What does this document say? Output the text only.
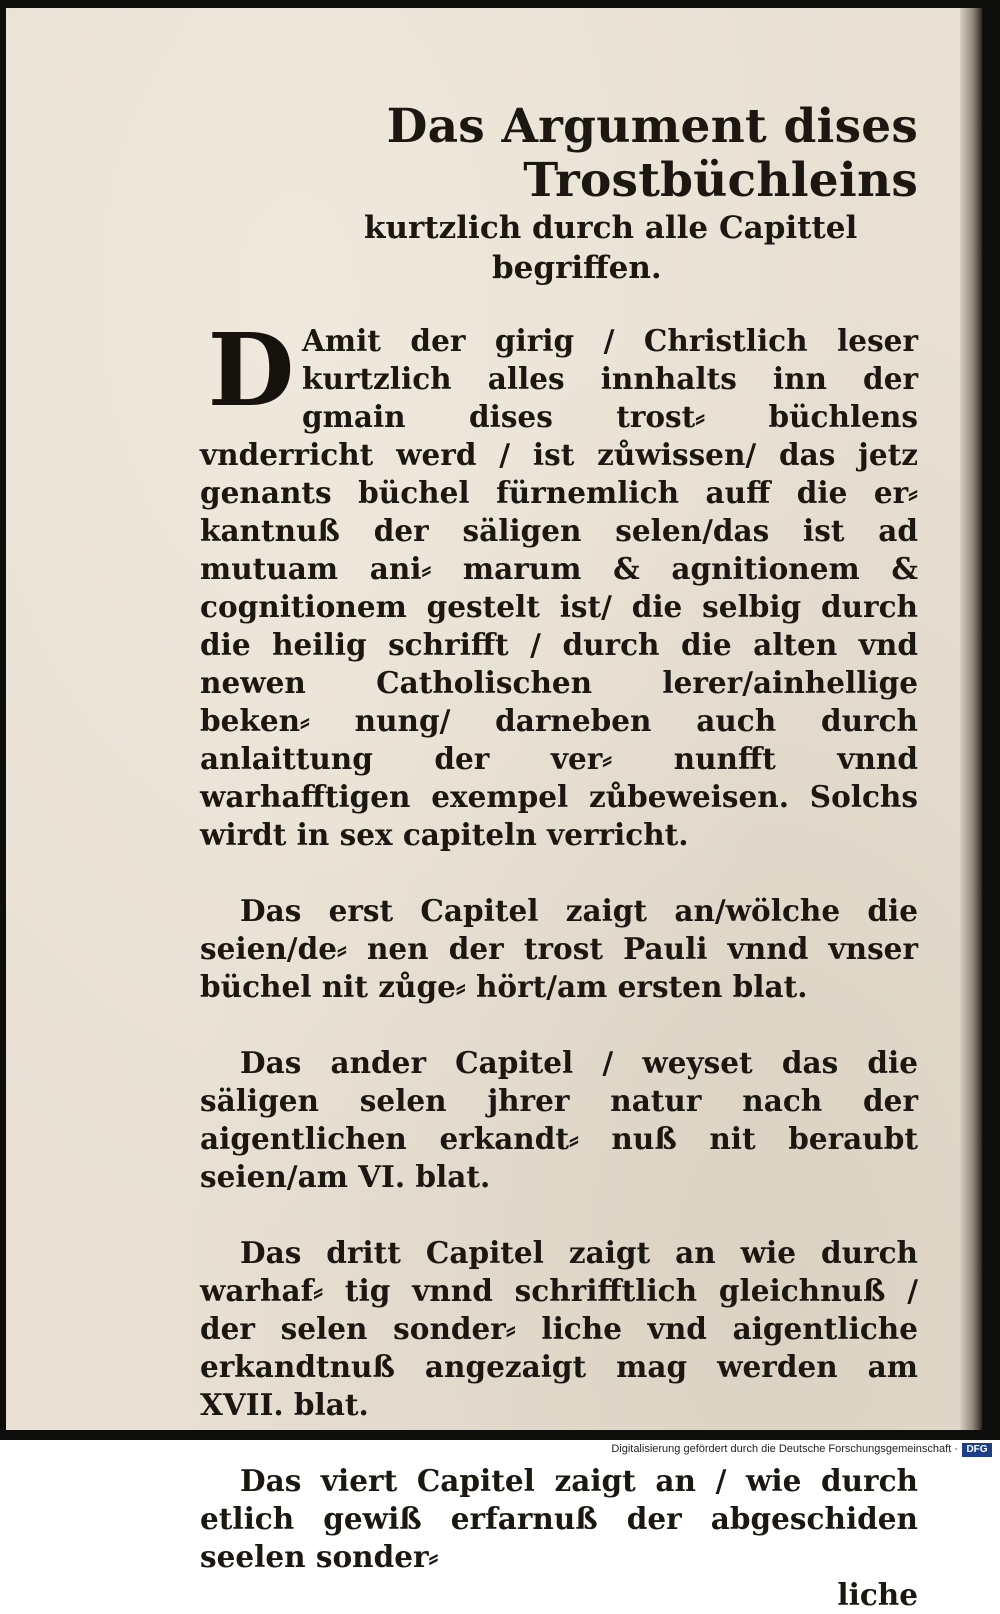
Das Argument dises Trostbüchleins

kurtzlich durch alle Capittel

begriffen.

D Amit der girig / Christlich leser kurtzlich alles innhalts inn der gmain dises trost⸗ büchlens vnderricht werd / ist zůwissen/ das jetz genants büchel fürnemlich auff die er⸗ kantnuß der säligen selen/das ist ad mutuam ani⸗ marum & agnitionem & cognitionem gestelt ist/ die selbig durch die heilig schrifft / durch die alten vnd newen Catholischen lerer/ainhellige beken⸗ nung/ darneben auch durch anlaittung der ver⸗ nunfft vnnd warhafftigen exempel zůbeweisen. Solchs wirdt in sex capiteln verricht.

Das erst Capitel zaigt an/wölche die seien/de⸗ nen der trost Pauli vnnd vnser büchel nit zůge⸗ hört/am ersten blat.

Das ander Capitel / weyset das die säligen selen jhrer natur nach der aigentlichen erkandt⸗ nuß nit beraubt seien/am VI. blat.

Das dritt Capitel zaigt an wie durch warhaf⸗ tig vnnd schrifftlich gleichnuß / der selen sonder⸗ liche vnd aigentliche erkandtnuß angezaigt mag werden am XVII. blat.

Das viert Capitel zaigt an / wie durch etlich gewiß erfarnuß der abgeschiden seelen sonder⸗

liche

Digitalisierung gefördert durch die Deutsche Forschungsgemeinschaft · DFG
